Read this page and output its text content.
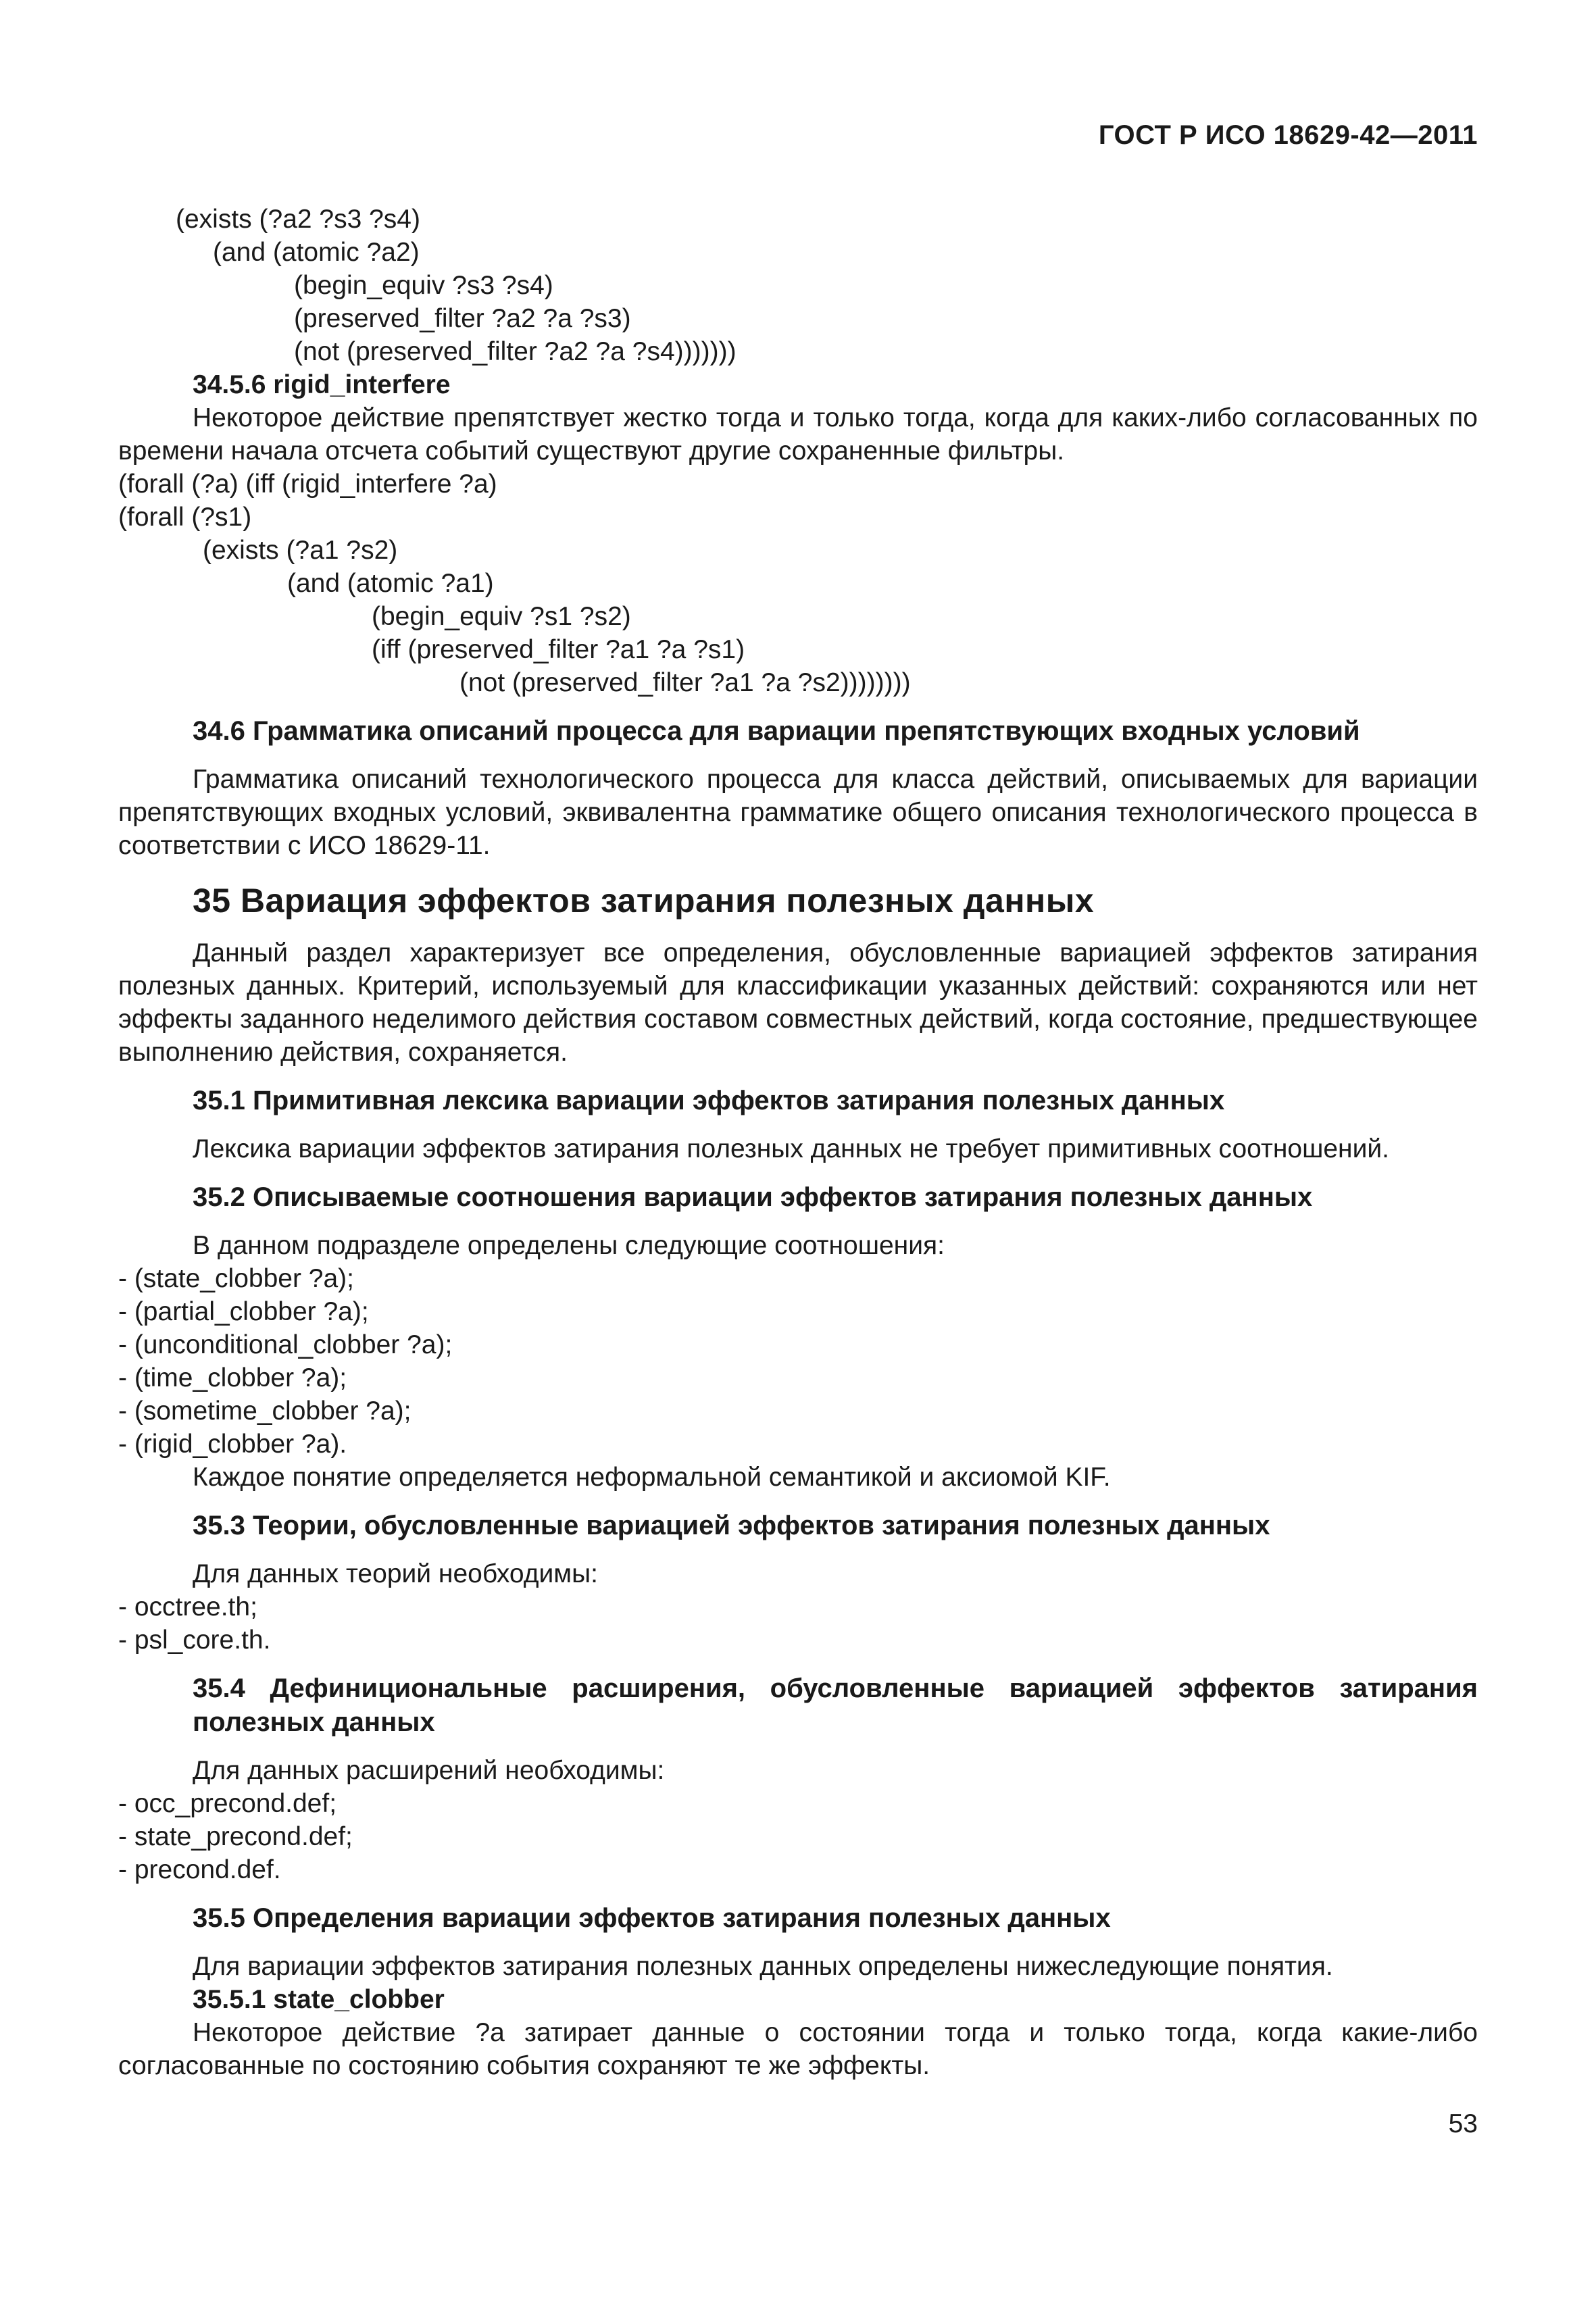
ГОСТ Р ИСО 18629-42—2011
(exists (?a2 ?s3 ?s4)
(and (atomic ?a2)
(begin_equiv ?s3 ?s4)
(preserved_filter ?a2 ?a ?s3)
(not (preserved_filter ?a2 ?a ?s4)))))))
34.5.6 rigid_interfere
Некоторое действие препятствует жестко тогда и только тогда, когда для каких-либо согласованных по времени начала отсчета событий существуют другие сохраненные фильтры.
(forall (?a) (iff (rigid_interfere ?a)
(forall (?s1)
(exists (?a1 ?s2)
(and (atomic ?a1)
(begin_equiv ?s1 ?s2)
(iff (preserved_filter ?a1 ?a ?s1)
(not (preserved_filter ?a1 ?a ?s2))))))))
34.6 Грамматика описаний процесса для вариации препятствующих входных условий
Грамматика описаний технологического процесса для класса действий, описываемых для вариации препятствующих входных условий, эквивалентна грамматике общего описания технологического процесса в соответствии с ИСО 18629-11.
35 Вариация эффектов затирания полезных данных
Данный раздел характеризует все определения, обусловленные вариацией эффектов затирания полезных данных. Критерий, используемый для классификации указанных действий: сохраняются или нет эффекты заданного неделимого действия составом совместных действий, когда состояние, предшествующее выполнению действия, сохраняется.
35.1 Примитивная лексика вариации эффектов затирания полезных данных
Лексика вариации эффектов затирания полезных данных не требует примитивных соотношений.
35.2 Описываемые соотношения вариации эффектов затирания полезных данных
В данном подразделе определены следующие соотношения:
- (state_clobber ?a);
- (partial_clobber ?a);
- (unconditional_clobber ?a);
- (time_clobber ?a);
- (sometime_clobber ?a);
- (rigid_clobber ?a).
Каждое понятие определяется неформальной семантикой и аксиомой KIF.
35.3 Теории, обусловленные вариацией эффектов затирания полезных данных
Для данных теорий необходимы:
- occtree.th;
- psl_core.th.
35.4 Дефинициональные расширения, обусловленные вариацией эффектов затирания полезных данных
Для данных расширений необходимы:
- occ_precond.def;
- state_precond.def;
- precond.def.
35.5 Определения вариации эффектов затирания полезных данных
Для вариации эффектов затирания полезных данных определены нижеследующие понятия.
35.5.1 state_clobber
Некоторое действие ?a затирает данные о состоянии тогда и только тогда, когда какие-либо согласованные по состоянию события сохраняют те же эффекты.
53
